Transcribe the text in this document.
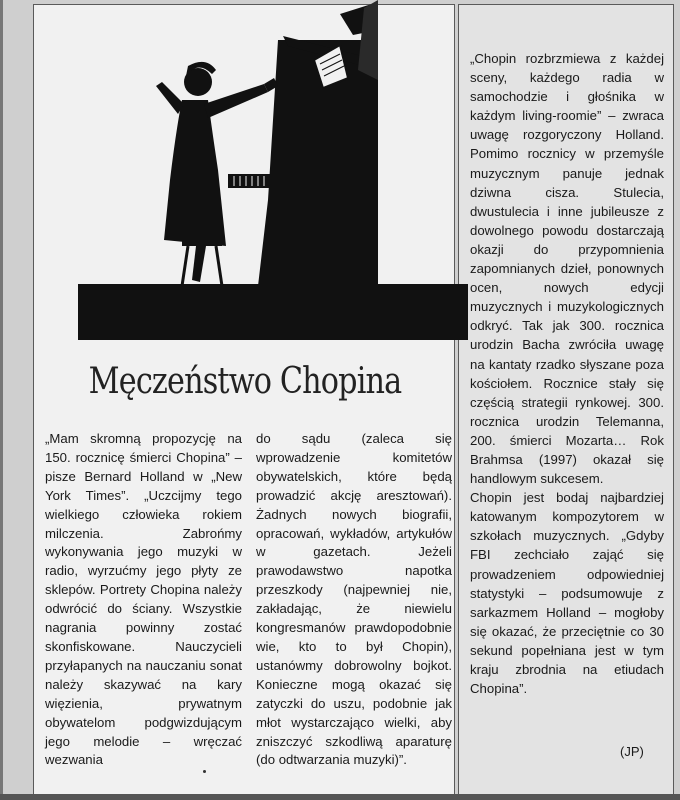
Męczeństwo Chopina

„Mam skromną propozycję na 150. rocznicę śmierci Chopina” – pisze Bernard Holland w „New York Times”. „Uczcijmy tego wielkiego człowieka rokiem milczenia. Zabrońmy wykonywania jego muzyki w radio, wyrzućmy jego płyty ze sklepów. Portrety Chopina należy odwrócić do ściany. Wszystkie nagrania powinny zostać skonfiskowane. Nauczycieli przyłapanych na nauczaniu sonat należy skazywać na kary więzienia, prywatnym obywatelom podgwizdującym jego melodie – wręczać wezwania

do sądu (zaleca się wprowadzenie komitetów obywatelskich, które będą prowadzić akcję aresztowań). Żadnych nowych biografii, opracowań, wykładów, artykułów w gazetach. Jeżeli prawodawstwo napotka przeszkody (najpewniej nie, zakładając, że niewielu kongresmanów prawdopodobnie wie, kto to był Chopin), ustanówmy dobrowolny bojkot. Konieczne mogą okazać się zatyczki do uszu, podobnie jak młot wystarczająco wielki, aby zniszczyć szkodliwą aparaturę (do odtwarzania muzyki)”.

„Chopin rozbrzmiewa z każdej sceny, każdego radia w samochodzie i głośnika w każdym living-roomie” – zwraca uwagę rozgoryczony Holland. Pomimo rocznicy w przemyśle muzycznym panuje jednak dziwna cisza. Stulecia, dwustulecia i inne jubileusze z dowolnego powodu dostarczają okazji do przypomnienia zapomnianych dzieł, ponownych ocen, nowych edycji muzycznych i muzykologicznych odkryć. Tak jak 300. rocznica urodzin Bacha zwróciła uwagę na kantaty rzadko słyszane poza kościołem. Rocznice stały się częścią strategii rynkowej. 300. rocznica urodzin Telemanna, 200. śmierci Mozarta… Rok Brahmsa (1997) okazał się handlowym sukcesem.

Chopin jest bodaj najbardziej katowanym kompozytorem w szkołach muzycznych. „Gdyby FBI zechciało zająć się prowadzeniem odpowiedniej statystyki – podsumowuje z sarkazmem Holland – mogłoby się okazać, że przeciętnie co 30 sekund popełniana jest w tym kraju zbrodnia na etiudach Chopina”.

(JP)
